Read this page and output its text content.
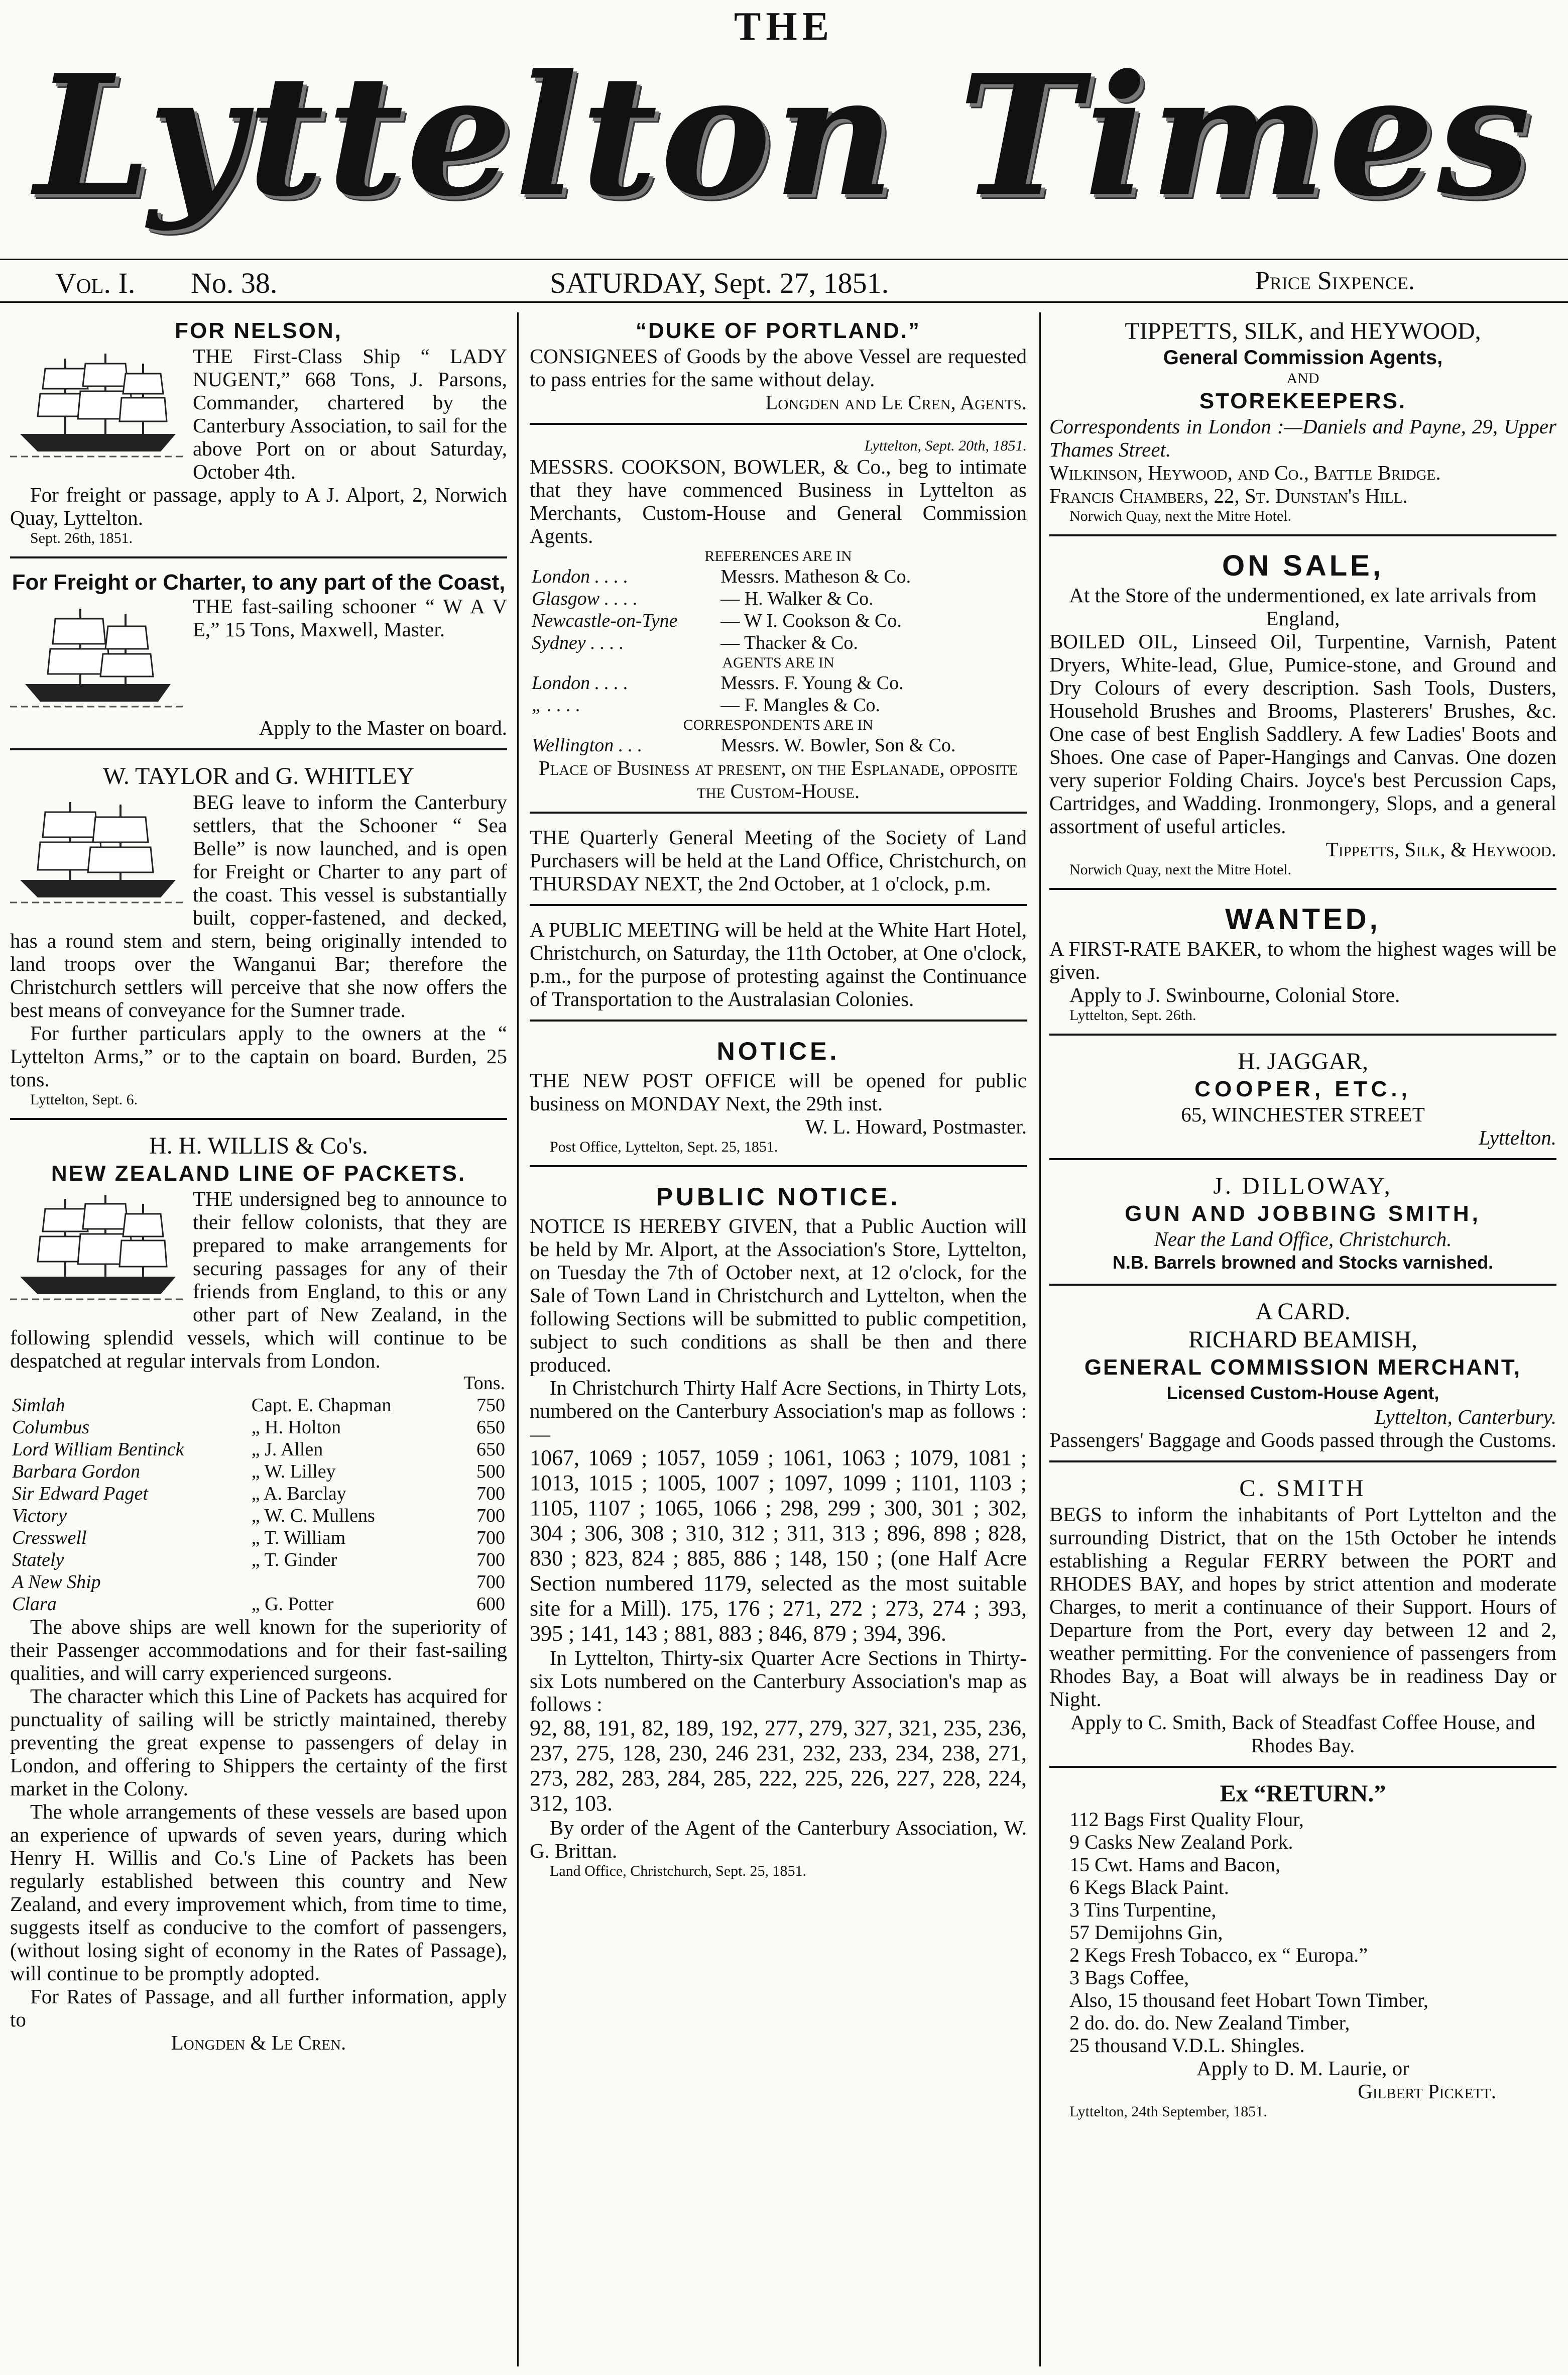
THE
Lyttelton Times
Vol. I. No. 38.	SATURDAY, Sept. 27, 1851.	Price Sixpence.
FOR NELSON,

THE First-Class Ship “ LADY NUGENT,” 668 Tons, J. Parsons, Commander, chartered by the Canterbury Association, to sail for the above Port on or about Saturday, October 4th.

For freight or passage, apply to A J. Alport, 2, Norwich Quay, Lyttelton.

Sept. 26th, 1851.
For Freight or Charter, to any part of the Coast,

THE fast-sailing schooner “ W A V E,” 15 Tons, Maxwell, Master.

Apply to the Master on board.

W. TAYLOR and G. WHITLEY

BEG leave to inform the Canterbury settlers, that the Schooner “ Sea Belle” is now launched, and is open for Freight or Charter to any part of the coast. This vessel is substantially built, copper-fastened, and decked, has a round stem and stern, being originally intended to land troops over the Wanganui Bar; therefore the Christchurch settlers will perceive that she now offers the best means of conveyance for the Sumner trade.

For further particulars apply to the owners at the “ Lyttelton Arms,” or to the captain on board. Burden, 25 tons.

Lyttelton, Sept. 6.
H. H. WILLIS & Co's.
NEW ZEALAND LINE OF PACKETS.

THE undersigned beg to announce to their fellow colonists, that they are prepared to make arrangements for securing passages for any of their friends from England, to this or any other part of New Zealand, in the following splendid vessels, which will continue to be despatched at regular intervals from London.

		Tons.
Simlah	Capt. E. Chapman	750
Columbus	„ H. Holton	650
Lord William Bentinck	„ J. Allen	650
Barbara Gordon	„ W. Lilley	500
Sir Edward Paget	„ A. Barclay	700
Victory	„ W. C. Mullens	700
Cresswell	„ T. William	700
Stately	„ T. Ginder	700
A New Ship		700
Clara	„ G. Potter	600

The above ships are well known for the superiority of their Passenger accommodations and for their fast-sailing qualities, and will carry experienced surgeons.

The character which this Line of Packets has acquired for punctuality of sailing will be strictly maintained, thereby preventing the great expense to passengers of delay in London, and offering to Shippers the certainty of the first market in the Colony.

The whole arrangements of these vessels are based upon an experience of upwards of seven years, during which Henry H. Willis and Co.'s Line of Packets has been regularly established between this country and New Zealand, and every improvement which, from time to time, suggests itself as conducive to the comfort of passengers, (without losing sight of economy in the Rates of Passage), will continue to be promptly adopted.

For Rates of Passage, and all further information, apply to

Longden & Le Cren.
“DUKE OF PORTLAND.”

CONSIGNEES of Goods by the above Vessel are requested to pass entries for the same without delay.

Longden and Le Cren, Agents.
Lyttelton, Sept. 20th, 1851.

MESSRS. COOKSON, BOWLER, & Co., beg to intimate that they have commenced Business in Lyttelton as Merchants, Custom-House and General Commission Agents.

REFERENCES ARE IN
London . . . .	Messrs. Matheson & Co.
Glasgow . . . .	— H. Walker & Co.
Newcastle-on-Tyne	— W I. Cookson & Co.
Sydney . . . .	— Thacker & Co.
AGENTS ARE IN
London . . . .	Messrs. F. Young & Co.
„ . . . .	— F. Mangles & Co.
CORRESPONDENTS ARE IN
Wellington . . .	Messrs. W. Bowler, Son & Co.

Place of Business at present, on the Esplanade, opposite the Custom-House.

THE Quarterly General Meeting of the Society of Land Purchasers will be held at the Land Office, Christchurch, on THURSDAY NEXT, the 2nd October, at 1 o'clock, p.m.

A PUBLIC MEETING will be held at the White Hart Hotel, Christchurch, on Saturday, the 11th October, at One o'clock, p.m., for the purpose of protesting against the Continuance of Transportation to the Australasian Colonies.

NOTICE.

THE NEW POST OFFICE will be opened for public business on MONDAY Next, the 29th inst.

W. L. Howard, Postmaster.
Post Office, Lyttelton, Sept. 25, 1851.
PUBLIC NOTICE.

NOTICE IS HEREBY GIVEN, that a Public Auction will be held by Mr. Alport, at the Association's Store, Lyttelton, on Tuesday the 7th of October next, at 12 o'clock, for the Sale of Town Land in Christchurch and Lyttelton, when the following Sections will be submitted to public competition, subject to such conditions as shall be then and there produced.

In Christchurch Thirty Half Acre Sections, in Thirty Lots, numbered on the Canterbury Association's map as follows :—

1067, 1069 ; 1057, 1059 ; 1061, 1063 ; 1079, 1081 ; 1013, 1015 ; 1005, 1007 ; 1097, 1099 ; 1101, 1103 ; 1105, 1107 ; 1065, 1066 ; 298, 299 ; 300, 301 ; 302, 304 ; 306, 308 ; 310, 312 ; 311, 313 ; 896, 898 ; 828, 830 ; 823, 824 ; 885, 886 ; 148, 150 ; (one Half Acre Section numbered 1179, selected as the most suitable site for a Mill). 175, 176 ; 271, 272 ; 273, 274 ; 393, 395 ; 141, 143 ; 881, 883 ; 846, 879 ; 394, 396.

In Lyttelton, Thirty-six Quarter Acre Sections in Thirty-six Lots numbered on the Canterbury Association's map as follows :

92, 88, 191, 82, 189, 192, 277, 279, 327, 321, 235, 236, 237, 275, 128, 230, 246 231, 232, 233, 234, 238, 271, 273, 282, 283, 284, 285, 222, 225, 226, 227, 228, 224, 312, 103.

By order of the Agent of the Canterbury Association, W. G. Brittan.

Land Office, Christchurch, Sept. 25, 1851.
TIPPETTS, SILK, and HEYWOOD,
General Commission Agents,
AND
STOREKEEPERS.

Correspondents in London :—Daniels and Payne, 29, Upper Thames Street.

Wilkinson, Heywood, and Co., Battle Bridge.

Francis Chambers, 22, St. Dunstan's Hill.

Norwich Quay, next the Mitre Hotel.
ON SALE,

At the Store of the undermentioned, ex late arrivals from England,

BOILED OIL, Linseed Oil, Turpentine, Varnish, Patent Dryers, White-lead, Glue, Pumice-stone, and Ground and Dry Colours of every description. Sash Tools, Dusters, Household Brushes and Brooms, Plasterers' Brushes, &c. One case of best English Saddlery. A few Ladies' Boots and Shoes. One case of Paper-Hangings and Canvas. One dozen very superior Folding Chairs. Joyce's best Percussion Caps, Cartridges, and Wadding. Ironmongery, Slops, and a general assortment of useful articles.

Tippetts, Silk, & Heywood.
Norwich Quay, next the Mitre Hotel.
WANTED,

A FIRST-RATE BAKER, to whom the highest wages will be given.

Apply to J. Swinbourne, Colonial Store.

Lyttelton, Sept. 26th.
H. JAGGAR,
COOPER, ETC.,
65, WINCHESTER STREET
Lyttelton.
J. DILLOWAY,
GUN AND JOBBING SMITH,
Near the Land Office, Christchurch.
N.B. Barrels browned and Stocks varnished.
A CARD.
RICHARD BEAMISH,
GENERAL COMMISSION MERCHANT,
Licensed Custom-House Agent,
Lyttelton, Canterbury.

Passengers' Baggage and Goods passed through the Customs.

C. SMITH

BEGS to inform the inhabitants of Port Lyttelton and the surrounding District, that on the 15th October he intends establishing a Regular FERRY between the PORT and RHODES BAY, and hopes by strict attention and moderate Charges, to merit a continuance of their Support. Hours of Departure from the Port, every day between 12 and 2, weather permitting. For the convenience of passengers from Rhodes Bay, a Boat will always be in readiness Day or Night.

Apply to C. Smith, Back of Steadfast Coffee House, and Rhodes Bay.

Ex “RETURN.”
112 Bags First Quality Flour,
9 Casks New Zealand Pork.
15 Cwt. Hams and Bacon,
6 Kegs Black Paint.
3 Tins Turpentine,
57 Demijohns Gin,
2 Kegs Fresh Tobacco, ex “ Europa.”
3 Bags Coffee,
Also, 15 thousand feet Hobart Town Timber,
2 do. do. do. New Zealand Timber,
25 thousand V.D.L. Shingles.
Apply to D. M. Laurie, or
Gilbert Pickett.
Lyttelton, 24th September, 1851.
